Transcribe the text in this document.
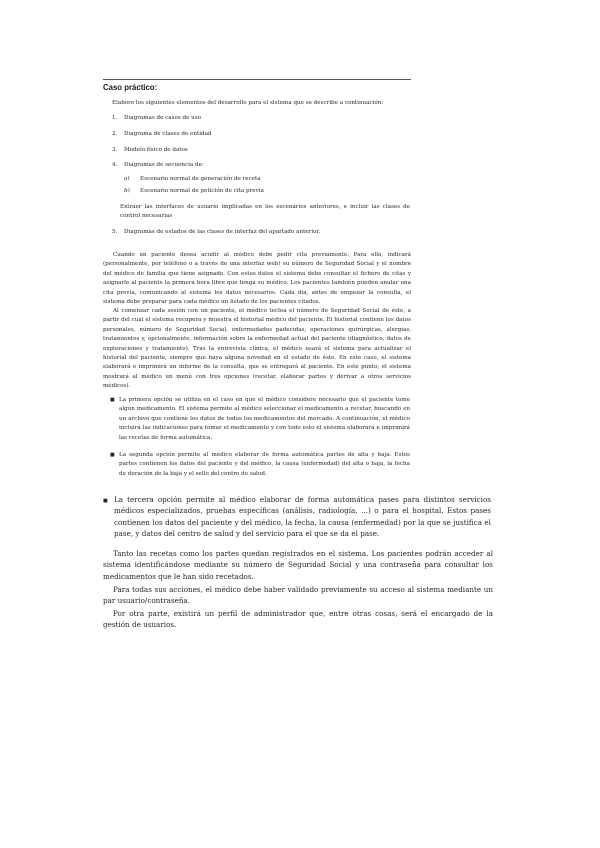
Caso práctico:
Elabore los siguientes elementos del desarrollo para el sistema que se describe a continuación:
1.	Diagramas de casos de uso
2.	Diagrama de clases de entidad
3.	Modelo físico de datos
4.	Diagramas de secuencia de:
a)	Escenario normal de generación de receta
b)	Escenario normal de petición de cita previa
Extraer las interfaces de usuario implicadas en los escenarios anteriores, e incluir las clases de control necesarias
5.	Diagramas de estados de las clases de interfaz del apartado anterior.
Cuando un paciente desea acudir al médico debe pedir cita previamente. Para ello, indicará (personalmente, por teléfono o a través de una interfaz web) su número de Seguridad Social y el nombre del médico de familia que tiene asignado. Con estos datos el sistema debe consultar el fichero de citas y asignarle al paciente la primera hora libre que tenga su médico. Los pacientes también pueden anular una cita previa, comunicando al sistema los datos necesarios. Cada día, antes de empezar la consulta, el sistema debe preparar para cada médico un listado de los pacientes citados.
Al comenzar cada sesión con un paciente, el médico teclea el número de Seguridad Social de éste, a partir del cual el sistema recupera y muestra el historial médico del paciente. El historial contiene los datos personales, número de Seguridad Social, enfermedades padecidas, operaciones quirúrgicas, alergias, tratamientos y, opcionalmente, información sobre la enfermedad actual del paciente (diagnóstico, datos de exploraciones y tratamiento). Tras la entrevista clínica, el médico usará el sistema para actualizar el historial del paciente, siempre que haya alguna novedad en el estado de éste. En este caso, el sistema elaborará e imprimirá un informe de la consulta, que se entregará al paciente. En este punto, el sistema mostrará al médico un menú con tres opciones (recetar, elaborar partes y derivar a otros servicios médicos).
■ La primera opción se utiliza en el caso en que el médico considere necesario que el paciente tome algún medicamento. El sistema permite al médico seleccionar el medicamento a recetar, buscando en un archivo que contiene los datos de todos los medicamentos del mercado. A continuación, el médico incluirá las indicaciones para tomar el medicamento y con todo esto el sistema elaborará e imprimirá las recetas de forma automática.
■ La segunda opción permite al médico elaborar de forma automática partes de alta y baja. Estos partes contienen los datos del paciente y del médico, la causa (enfermedad) del alta o baja, la fecha de duración de la baja y el sello del centro de salud.
■ La tercera opción permite al médico elaborar de forma automática pases para distintos servicios médicos especializados, pruebas específicas (análisis, radiología, ...) o para el hospital. Estos pases contienen los datos del paciente y del médico, la fecha, la causa (enfermedad) por la que se justifica el pase, y datos del centro de salud y del servicio para el que se da el pase.
Tanto las recetas como los partes quedan registrados en el sistema. Los pacientes podrán acceder al sistema identificándose mediante su número de Seguridad Social y una contraseña para consultar los medicamentos que le han sido recetados.
Para todas sus acciones, el médico debe haber validado previamente su acceso al sistema mediante un par usuario/contraseña.
Por otra parte, existirá un perfil de administrador que, entre otras cosas, será el encargado de la gestión de usuarios.
